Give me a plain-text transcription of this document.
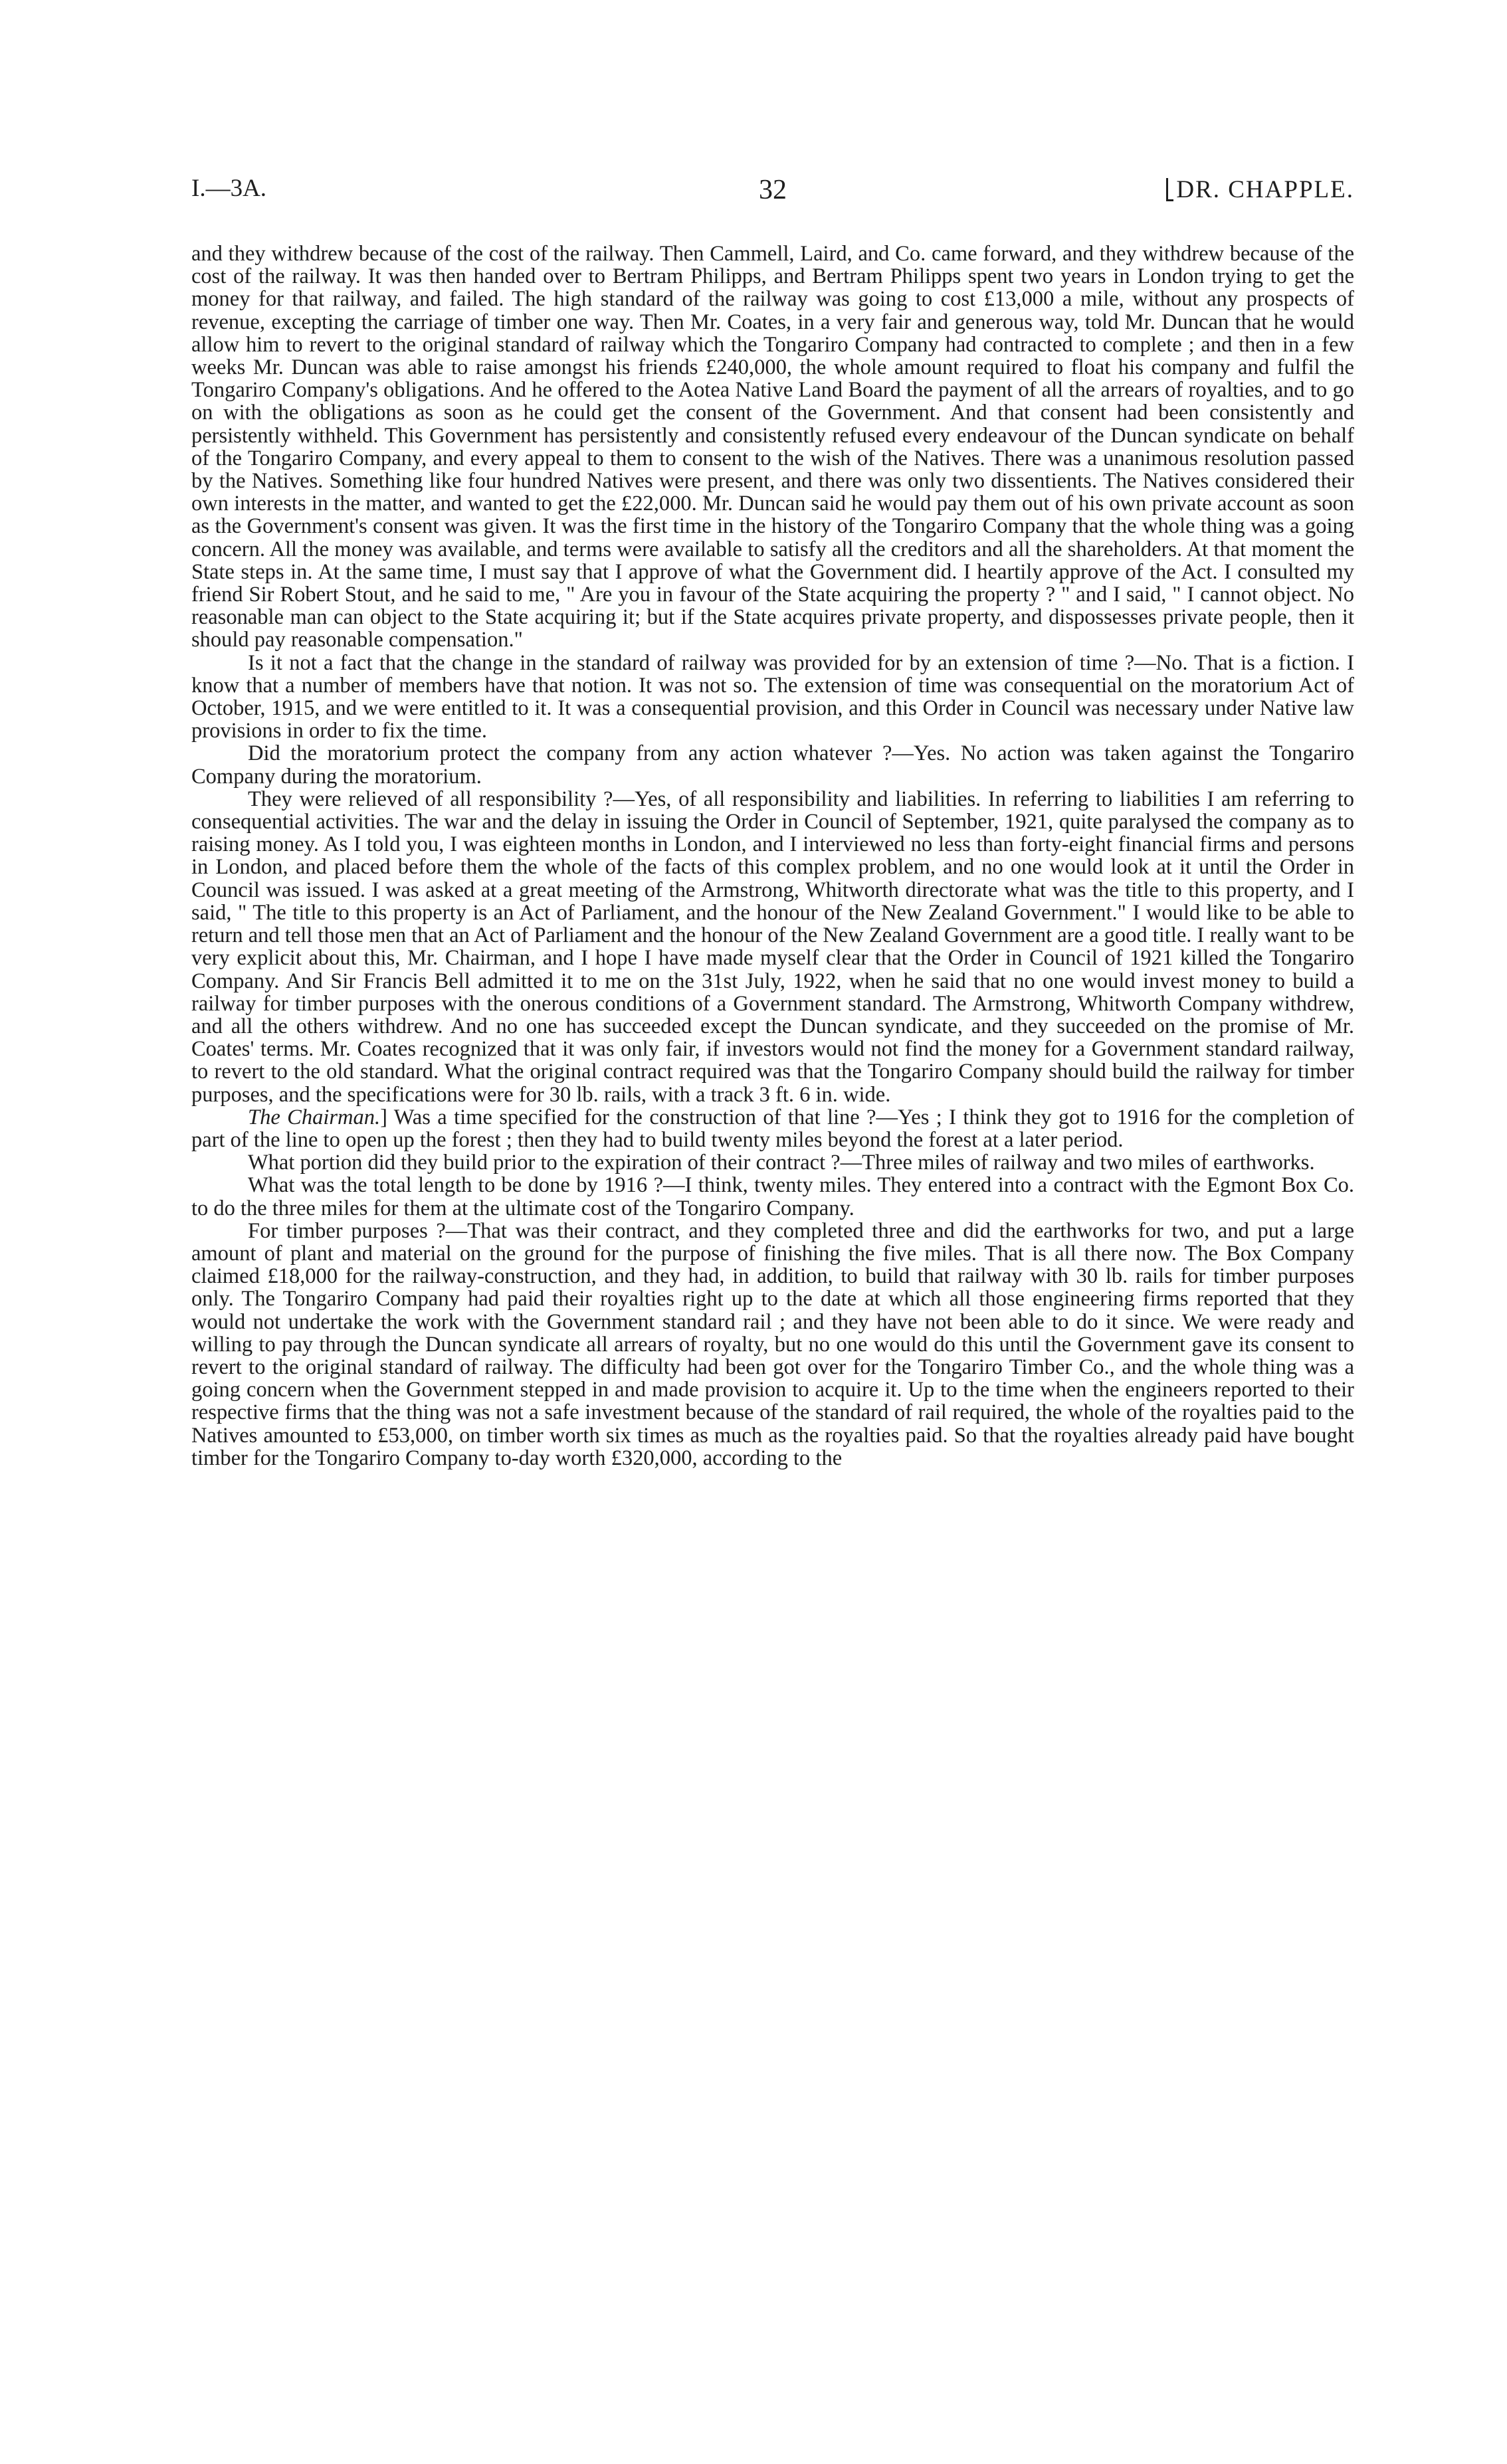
I.—3A.	32	DR. CHAPPLE.

and they withdrew because of the cost of the railway. Then Cammell, Laird, and Co. came forward, and they withdrew because of the cost of the railway. It was then handed over to Bertram Philipps, and Bertram Philipps spent two years in London trying to get the money for that railway, and failed. The high standard of the railway was going to cost £13,000 a mile, without any prospects of revenue, excepting the carriage of timber one way. Then Mr. Coates, in a very fair and generous way, told Mr. Duncan that he would allow him to revert to the original standard of railway which the Tongariro Company had contracted to complete ; and then in a few weeks Mr. Duncan was able to raise amongst his friends £240,000, the whole amount required to float his company and fulfil the Tongariro Company's obligations. And he offered to the Aotea Native Land Board the payment of all the arrears of royalties, and to go on with the obligations as soon as he could get the consent of the Government. And that consent had been consistently and persistently withheld. This Government has persistently and consistently refused every endeavour of the Duncan syndicate on behalf of the Tongariro Company, and every appeal to them to consent to the wish of the Natives. There was a unanimous resolution passed by the Natives. Something like four hundred Natives were present, and there was only two dissentients. The Natives considered their own interests in the matter, and wanted to get the £22,000. Mr. Duncan said he would pay them out of his own private account as soon as the Government's consent was given. It was the first time in the history of the Tongariro Company that the whole thing was a going concern. All the money was available, and terms were available to satisfy all the creditors and all the shareholders. At that moment the State steps in. At the same time, I must say that I approve of what the Government did. I heartily approve of the Act. I consulted my friend Sir Robert Stout, and he said to me, " Are you in favour of the State acquiring the property ? " and I said, " I cannot object. No reasonable man can object to the State acquiring it; but if the State acquires private property, and dispossesses private people, then it should pay reasonable compensation."

Is it not a fact that the change in the standard of railway was provided for by an extension of time ?—No. That is a fiction. I know that a number of members have that notion. It was not so. The extension of time was consequential on the moratorium Act of October, 1915, and we were entitled to it. It was a consequential provision, and this Order in Council was necessary under Native law provisions in order to fix the time.

Did the moratorium protect the company from any action whatever ?—Yes. No action was taken against the Tongariro Company during the moratorium.

They were relieved of all responsibility ?—Yes, of all responsibility and liabilities. In referring to liabilities I am referring to consequential activities. The war and the delay in issuing the Order in Council of September, 1921, quite paralysed the company as to raising money. As I told you, I was eighteen months in London, and I interviewed no less than forty-eight financial firms and persons in London, and placed before them the whole of the facts of this complex problem, and no one would look at it until the Order in Council was issued. I was asked at a great meeting of the Armstrong, Whitworth directorate what was the title to this property, and I said, " The title to this property is an Act of Parliament, and the honour of the New Zealand Government." I would like to be able to return and tell those men that an Act of Parliament and the honour of the New Zealand Government are a good title. I really want to be very explicit about this, Mr. Chairman, and I hope I have made myself clear that the Order in Council of 1921 killed the Tongariro Company. And Sir Francis Bell admitted it to me on the 31st July, 1922, when he said that no one would invest money to build a railway for timber purposes with the onerous conditions of a Government standard. The Armstrong, Whitworth Company withdrew, and all the others withdrew. And no one has succeeded except the Duncan syndicate, and they succeeded on the promise of Mr. Coates' terms. Mr. Coates recognized that it was only fair, if investors would not find the money for a Government standard railway, to revert to the old standard. What the original contract required was that the Tongariro Company should build the railway for timber purposes, and the specifications were for 30 lb. rails, with a track 3 ft. 6 in. wide.

The Chairman.] Was a time specified for the construction of that line ?—Yes ; I think they got to 1916 for the completion of part of the line to open up the forest ; then they had to build twenty miles beyond the forest at a later period.

What portion did they build prior to the expiration of their contract ?—Three miles of railway and two miles of earthworks.

What was the total length to be done by 1916 ?—I think, twenty miles. They entered into a contract with the Egmont Box Co. to do the three miles for them at the ultimate cost of the Tongariro Company.

For timber purposes ?—That was their contract, and they completed three and did the earthworks for two, and put a large amount of plant and material on the ground for the purpose of finishing the five miles. That is all there now. The Box Company claimed £18,000 for the railway-construction, and they had, in addition, to build that railway with 30 lb. rails for timber purposes only. The Tongariro Company had paid their royalties right up to the date at which all those engineering firms reported that they would not undertake the work with the Government standard rail ; and they have not been able to do it since. We were ready and willing to pay through the Duncan syndicate all arrears of royalty, but no one would do this until the Government gave its consent to revert to the original standard of railway. The difficulty had been got over for the Tongariro Timber Co., and the whole thing was a going concern when the Government stepped in and made provision to acquire it. Up to the time when the engineers reported to their respective firms that the thing was not a safe investment because of the standard of rail required, the whole of the royalties paid to the Natives amounted to £53,000, on timber worth six times as much as the royalties paid. So that the royalties already paid have bought timber for the Tongariro Company to-day worth £320,000, according to the
